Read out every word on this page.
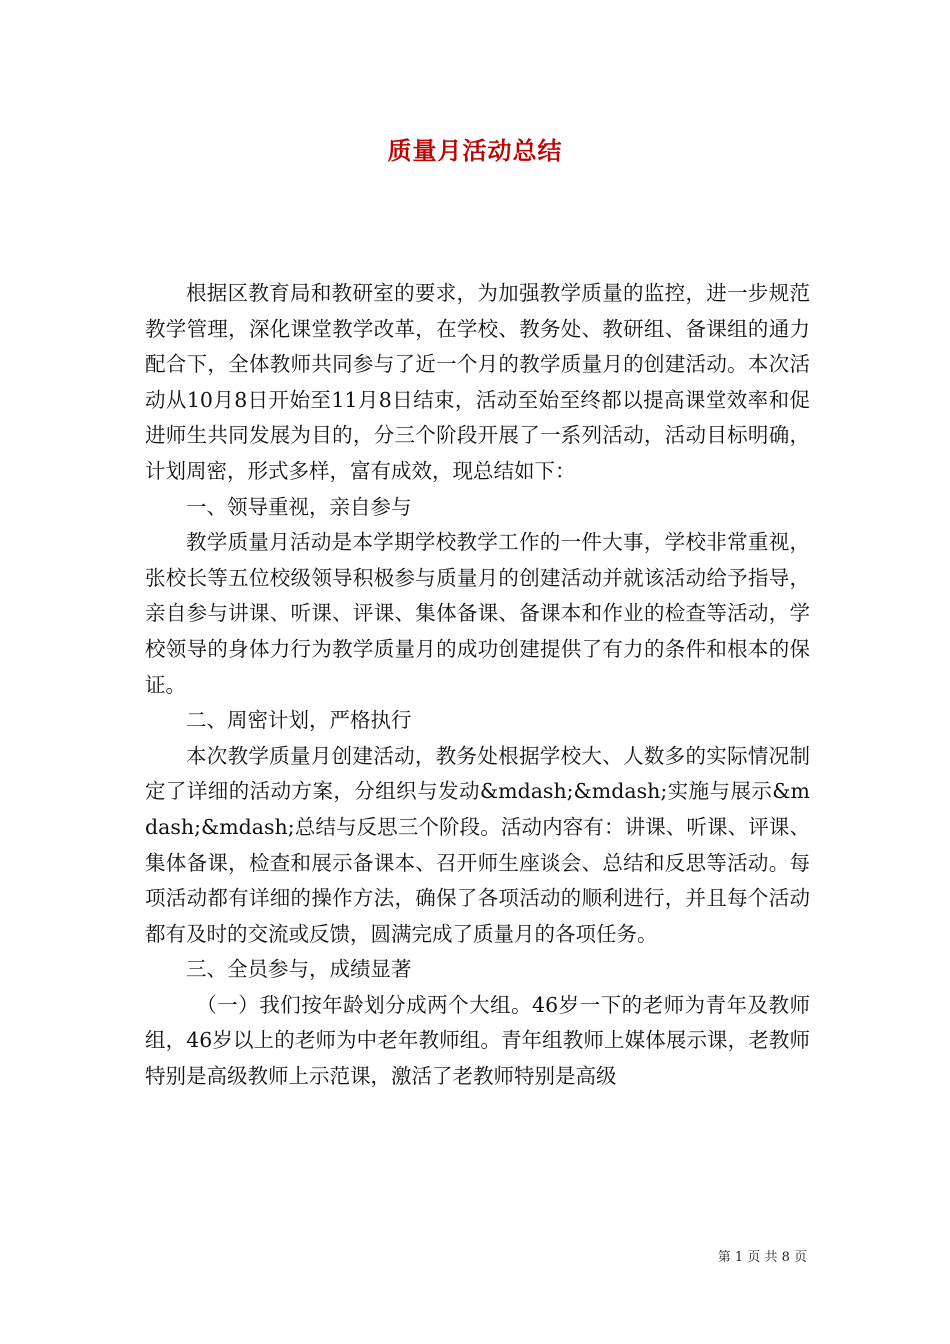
质量月活动总结

根据区教育局和教研室的要求，为加强教学质量的监控，进一步规范教学管理，深化课堂教学改革，在学校、教务处、教研组、备课组的通力配合下，全体教师共同参与了近一个月的教学质量月的创建活动。本次活动从10月8日开始至11月8日结束，活动至始至终都以提高课堂效率和促进师生共同发展为目的，分三个阶段开展了一系列活动，活动目标明确，计划周密，形式多样，富有成效，现总结如下：

一、领导重视，亲自参与

教学质量月活动是本学期学校教学工作的一件大事，学校非常重视，张校长等五位校级领导积极参与质量月的创建活动并就该活动给予指导，亲自参与讲课、听课、评课、集体备课、备课本和作业的检查等活动，学校领导的身体力行为教学质量月的成功创建提供了有力的条件和根本的保证。

二、周密计划，严格执行

本次教学质量月创建活动，教务处根据学校大、人数多的实际情况制定了详细的活动方案，分组织与发动&mdash;&mdash;实施与展示&mdash;&mdash;总结与反思三个阶段。活动内容有：讲课、听课、评课、集体备课，检查和展示备课本、召开师生座谈会、总结和反思等活动。每项活动都有详细的操作方法，确保了各项活动的顺利进行，并且每个活动都有及时的交流或反馈，圆满完成了质量月的各项任务。

三、全员参与，成绩显著

（一）我们按年龄划分成两个大组。46岁一下的老师为青年及教师组，46岁以上的老师为中老年教师组。青年组教师上媒体展示课，老教师特别是高级教师上示范课，激活了老教师特别是高级

第 1 页 共 8 页
